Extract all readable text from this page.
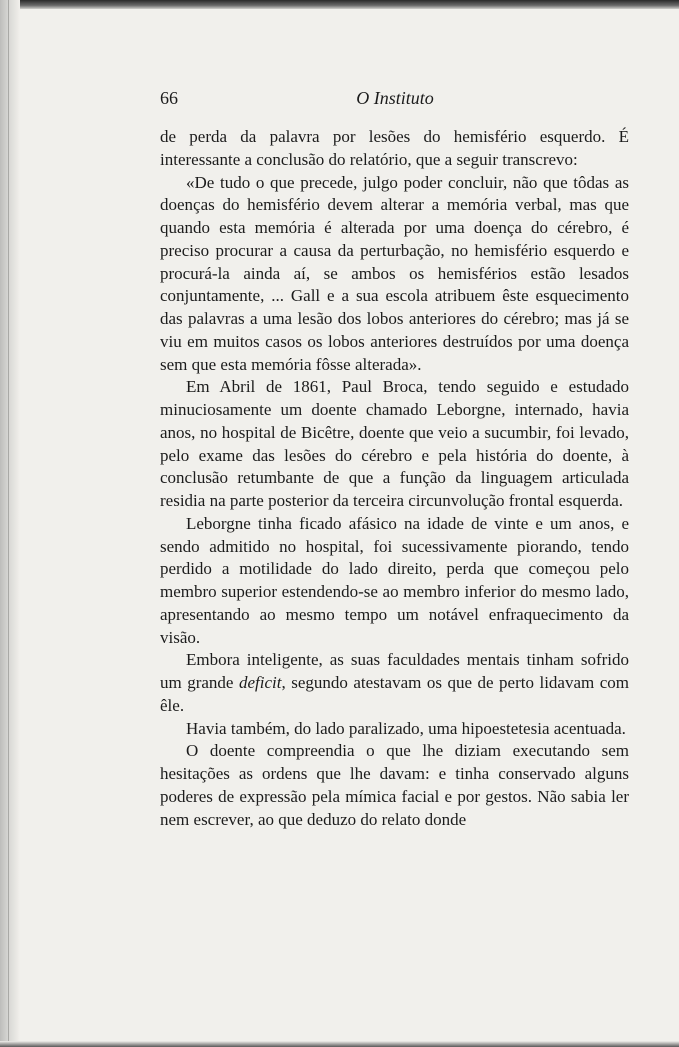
66	O Instituto

de perda da palavra por lesões do hemisfério esquerdo. É interessante a conclusão do relatório, que a seguir transcrevo:

«De tudo o que precede, julgo poder concluir, não que tôdas as doenças do hemisfério devem alterar a memória verbal, mas que quando esta memória é alterada por uma doença do cérebro, é preciso procurar a causa da perturbação, no hemisfério esquerdo e procurá-la ainda aí, se ambos os hemisférios estão lesados conjuntamente, ... Gall e a sua escola atribuem êste esquecimento das palavras a uma lesão dos lobos anteriores do cérebro; mas já se viu em muitos casos os lobos anteriores destruídos por uma doença sem que esta memória fôsse alterada».

Em Abril de 1861, Paul Broca, tendo seguido e estudado minuciosamente um doente chamado Leborgne, internado, havia anos, no hospital de Bicêtre, doente que veio a sucumbir, foi levado, pelo exame das lesões do cérebro e pela história do doente, à conclusão retumbante de que a função da linguagem articulada residia na parte posterior da terceira circunvolução frontal esquerda.

Leborgne tinha ficado afásico na idade de vinte e um anos, e sendo admitido no hospital, foi sucessivamente piorando, tendo perdido a motilidade do lado direito, perda que começou pelo membro superior estendendo-se ao membro inferior do mesmo lado, apresentando ao mesmo tempo um notável enfraquecimento da visão.

Embora inteligente, as suas faculdades mentais tinham sofrido um grande deficit, segundo atestavam os que de perto lidavam com êle.

Havia também, do lado paralizado, uma hipoestetesia acentuada.

O doente compreendia o que lhe diziam executando sem hesitações as ordens que lhe davam: e tinha conservado alguns poderes de expressão pela mímica facial e por gestos. Não sabia ler nem escrever, ao que deduzo do relato donde
